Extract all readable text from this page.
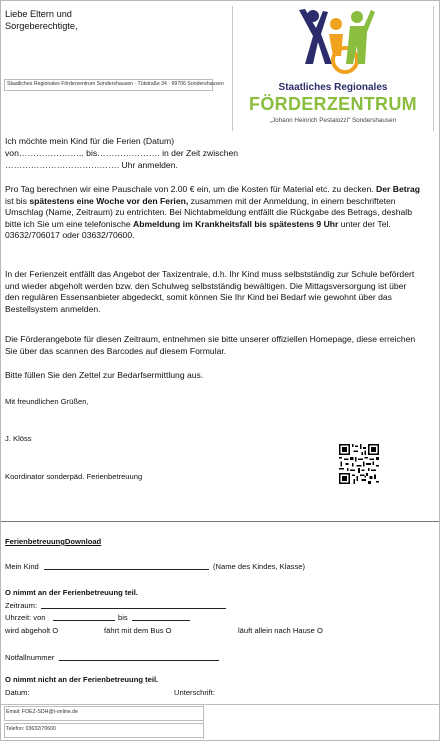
Liebe Eltern und
Sorgeberechtigte,
Staatliches Regionales Förderzentrum Sondershausen · Tütstraße 34 · 99706 Sondershausen	Staatliches Regionales
FÖRDERZENTRUM
„Johann Heinrich Pestalozzi" Sondershausen
Ich möchte mein Kind für die Ferien (Datum)
von………………….. bis…………………. in der Zeit zwischen
…………………………………. Uhr anmelden.
Pro Tag berechnen wir eine Pauschale von 2.00 € ein, um die Kosten für Material etc. zu decken. Der Betrag ist bis spätestens eine Woche vor den Ferien, zusammen mit der Anmeldung, in einem beschrifteten Umschlag (Name, Zeitraum) zu entrichten. Bei Nichtabmeldung entfällt die Rückgabe des Betrags, deshalb bitte ich Sie um eine telefonische Abmeldung im Krankheitsfall bis spätestens 9 Uhr unter der Tel. 03632/706017 oder 03632/70600.
In der Ferienzeit entfällt das Angebot der Taxizentrale, d.h. Ihr Kind muss selbstständig zur Schule befördert und wieder abgeholt werden bzw. den Schulweg selbstständig bewältigen. Die Mittagsversorgung ist über den regulären Essensanbieter abgedeckt, somit können Sie Ihr Kind bei Bedarf wie gewohnt über das Bestellsystem anmelden.
Die Förderangebote für diesen Zeitraum, entnehmen sie bitte unserer offiziellen Homepage, diese erreichen Sie über das scannen des Barcodes auf diesem Formular.
Bitte füllen Sie den Zettel zur Bedarfsermittlung aus.
Mit freundlichen Grüßen,
J. Klöss
Koordinator sonderpäd. Ferienbetreuung
FerienbetreuungDownload
Mein Kind	(Name des Kindes, Klasse)
O nimmt an der Ferienbetreuung teil.
Zeitraum:
Uhrzeit: von	bis
wird abgeholt O	fährt mit dem Bus O	läuft allein nach Hause O
Notfallnummer
O nimmt nicht an der Ferienbetreuung teil.
Datum:	Unterschrift:
Email: FOEZ-SDH@t-online.de
Telefon: 03632/70600
